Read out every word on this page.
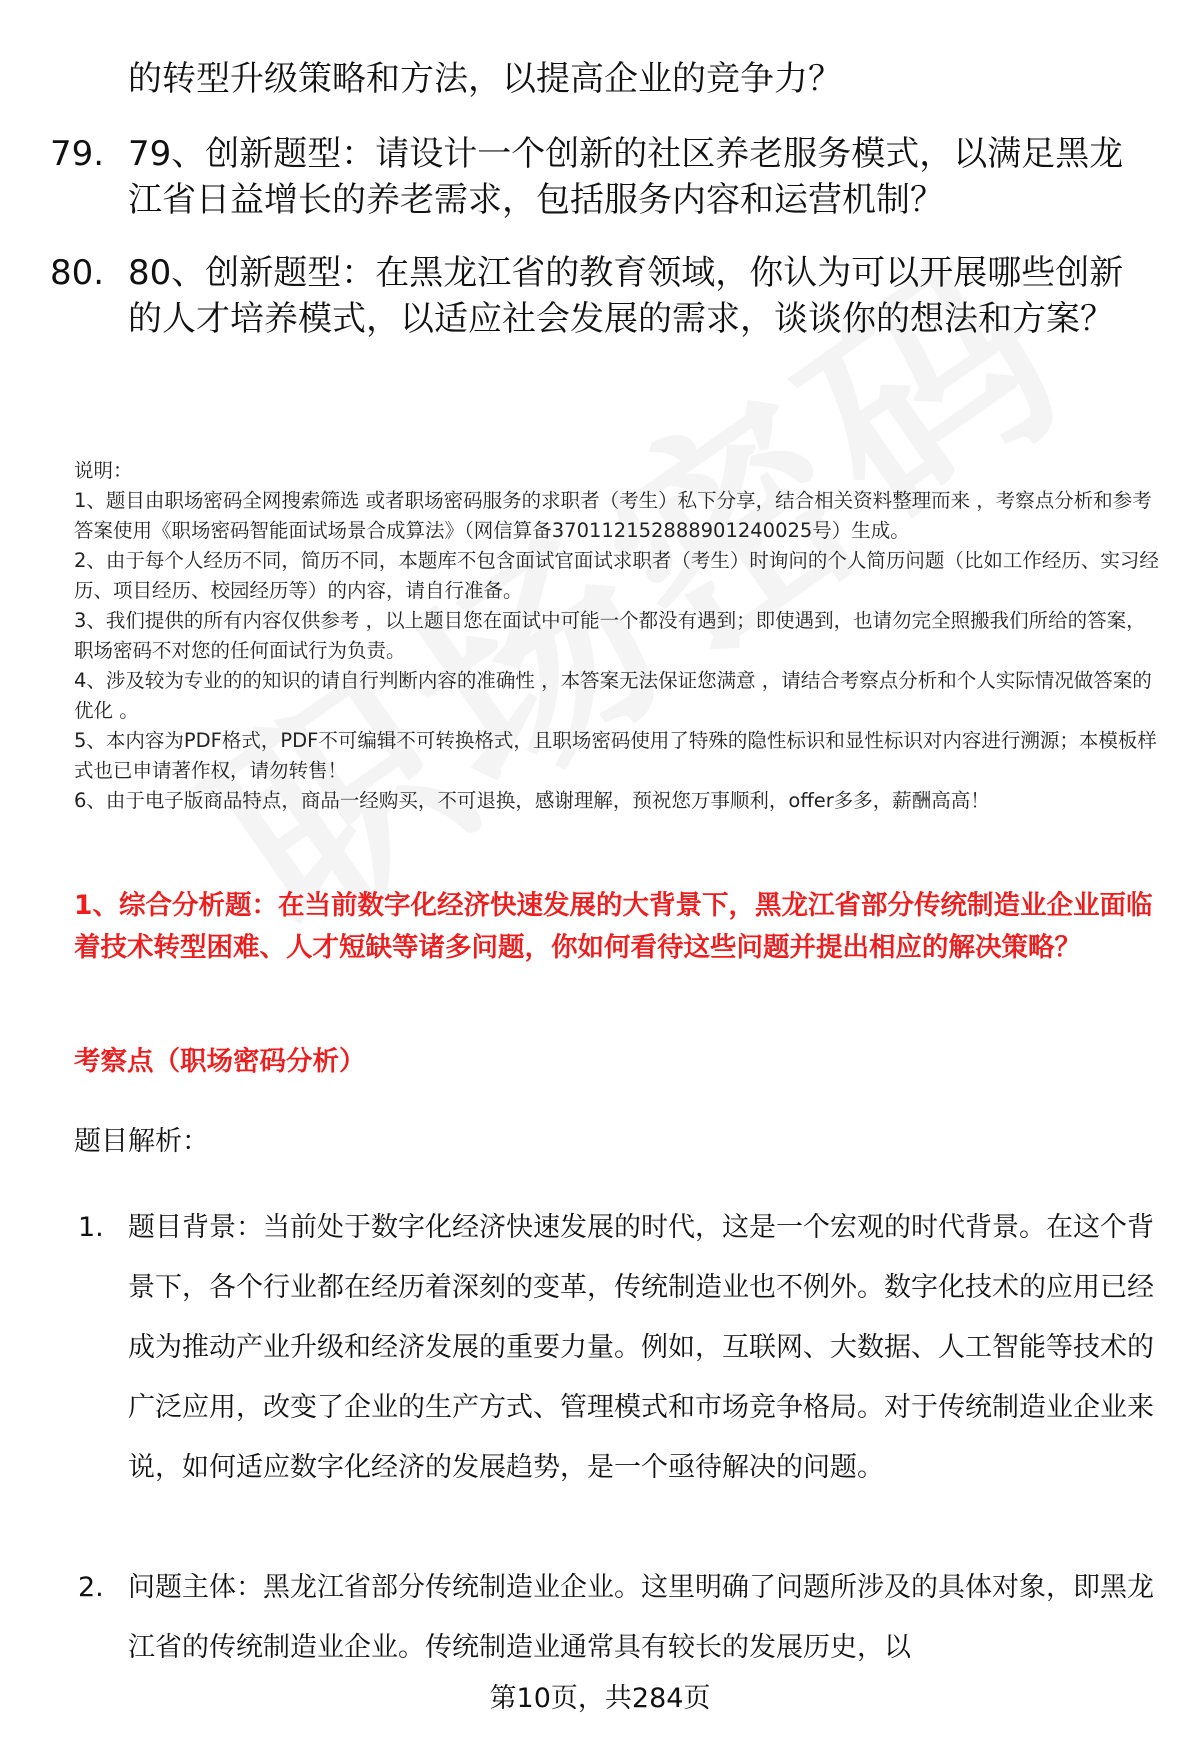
的转型升级策略和方法，以提高企业的竞争力？
79. 79、创新题型：请设计一个创新的社区养老服务模式，以满足黑龙江省日益增长的养老需求，包括服务内容和运营机制？
80. 80、创新题型：在黑龙江省的教育领域，你认为可以开展哪些创新的人才培养模式，以适应社会发展的需求，谈谈你的想法和方案？

说明：

1、题目由职场密码全网搜索筛选 或者职场密码服务的求职者（考生）私下分享，结合相关资料整理而来 ，考察点分析和参考答案使用《职场密码智能面试场景合成算法》（网信算备370112152888901240025号）生成。

2、由于每个人经历不同，简历不同，本题库不包含面试官面试求职者（考生）时询问的个人简历问题（比如工作经历、实习经历、项目经历、校园经历等）的内容，请自行准备。

3、我们提供的所有内容仅供参考 ，以上题目您在面试中可能一个都没有遇到；即使遇到，也请勿完全照搬我们所给的答案，职场密码不对您的任何面试行为负责。

4、涉及较为专业的的知识的请自行判断内容的准确性 ，本答案无法保证您满意 ，请结合考察点分析和个人实际情况做答案的优化 。

5、本内容为PDF格式，PDF不可编辑不可转换格式，且职场密码使用了特殊的隐性标识和显性标识对内容进行溯源；本模板样式也已申请著作权，请勿转售！

6、由于电子版商品特点，商品一经购买，不可退换，感谢理解，预祝您万事顺利，offer多多，薪酬高高！

1、综合分析题：在当前数字化经济快速发展的大背景下，黑龙江省部分传统制造业企业面临着技术转型困难、人才短缺等诸多问题，你如何看待这些问题并提出相应的解决策略？
考察点（职场密码分析）
题目解析：
1. 题目背景：当前处于数字化经济快速发展的时代，这是一个宏观的时代背景。在这个背景下，各个行业都在经历着深刻的变革，传统制造业也不例外。数字化技术的应用已经成为推动产业升级和经济发展的重要力量。例如，互联网、大数据、人工智能等技术的广泛应用，改变了企业的生产方式、管理模式和市场竞争格局。对于传统制造业企业来说，如何适应数字化经济的发展趋势，是一个亟待解决的问题。
2. 问题主体：黑龙江省部分传统制造业企业。这里明确了问题所涉及的具体对象，即黑龙江省的传统制造业企业。传统制造业通常具有较长的发展历史，以
第10页，共284页
